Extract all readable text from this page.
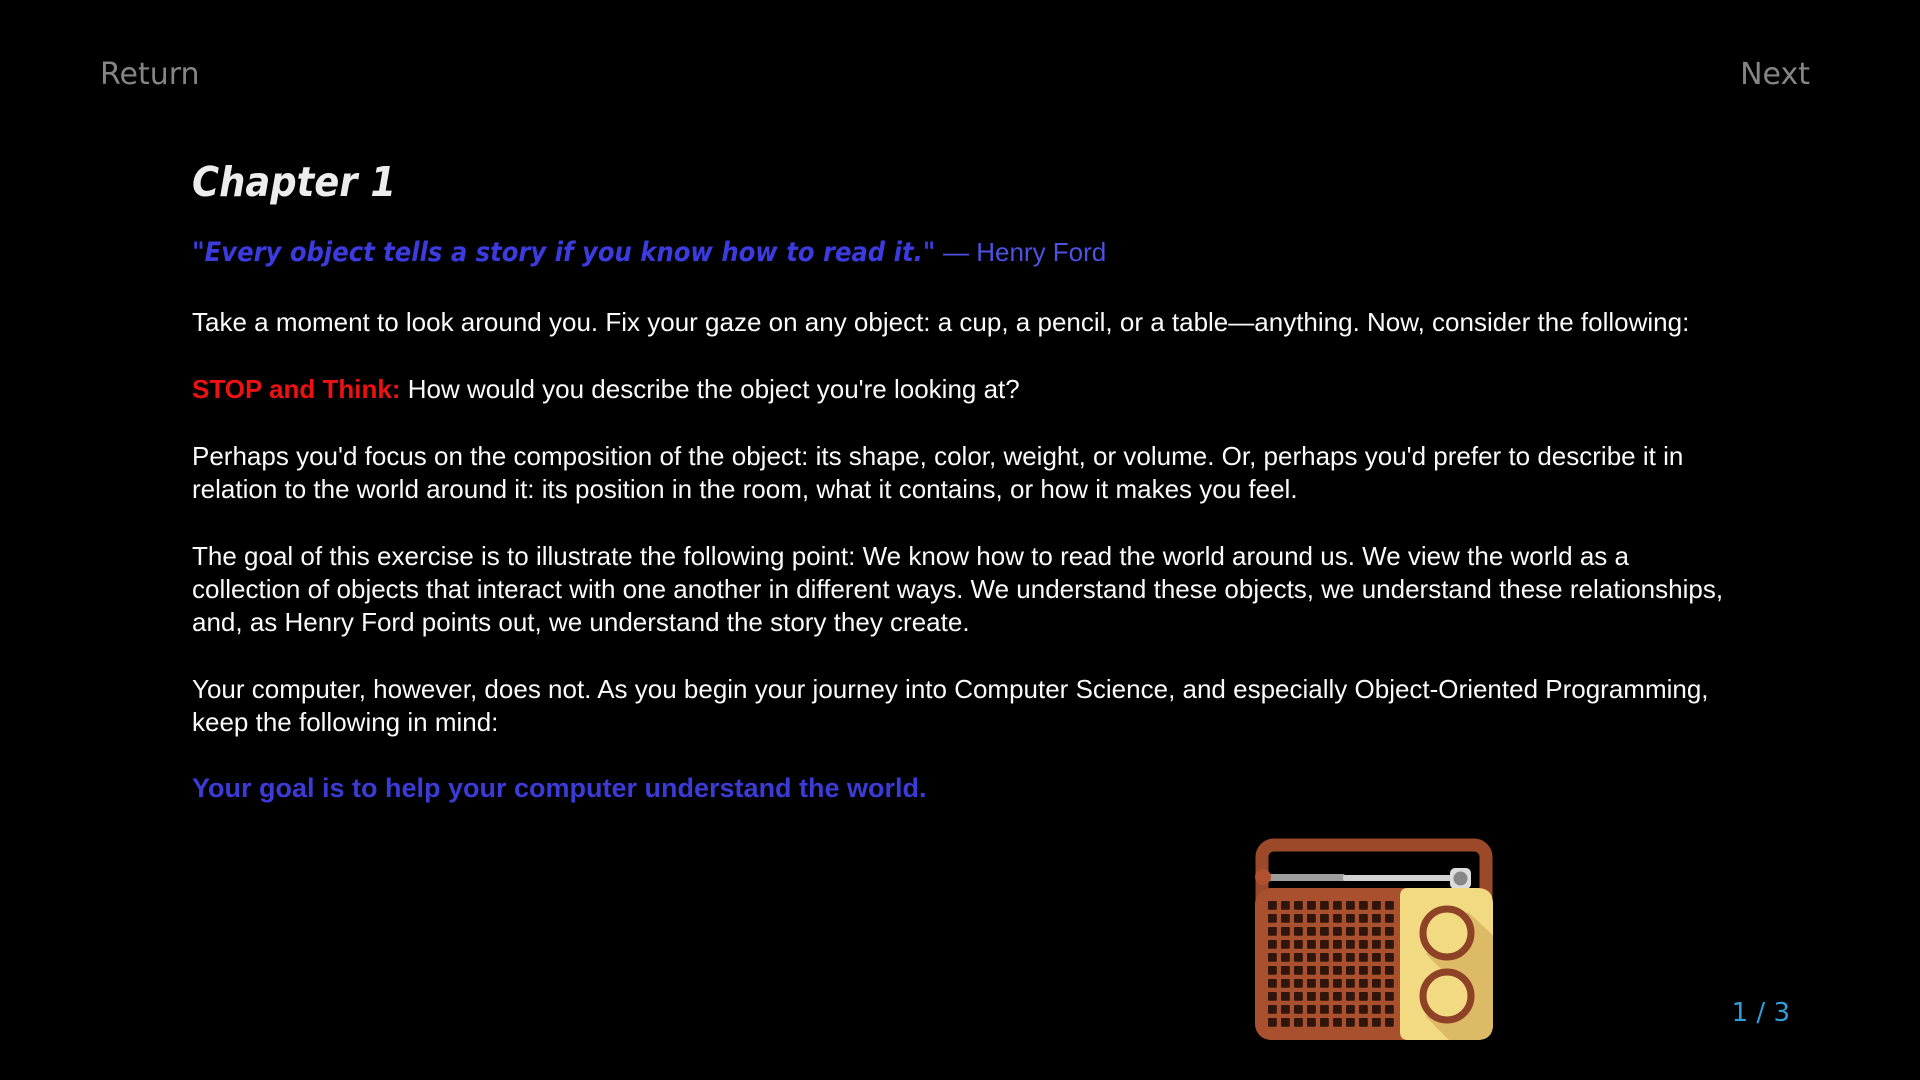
Return	Next
Chapter 1

"Every object tells a story if you know how to read it." — Henry Ford

Take a moment to look around you. Fix your gaze on any object: a cup, a pencil, or a table—anything. Now, consider the following:

STOP and Think: How would you describe the object you're looking at?

Perhaps you'd focus on the composition of the object: its shape, color, weight, or volume. Or, perhaps you'd prefer to describe it in relation to the world around it: its position in the room, what it contains, or how it makes you feel.

The goal of this exercise is to illustrate the following point: We know how to read the world around us. We view the world as a collection of objects that interact with one another in different ways. We understand these objects, we understand these relationships, and, as Henry Ford points out, we understand the story they create.

Your computer, however, does not. As you begin your journey into Computer Science, and especially Object-Oriented Programming, keep the following in mind:

Your goal is to help your computer understand the world.

1 / 3
